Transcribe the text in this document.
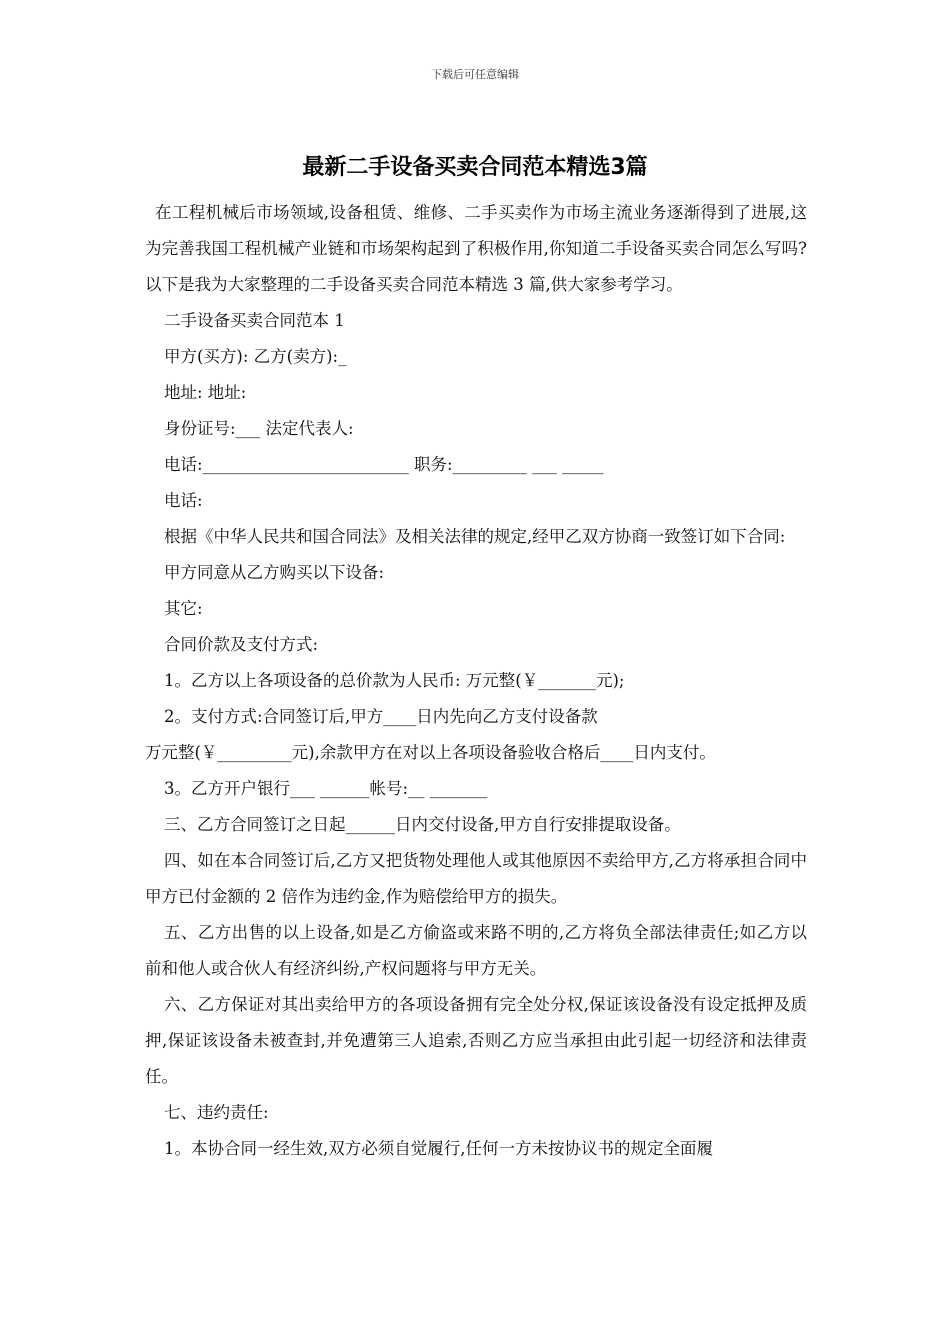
下载后可任意编辑
最新二手设备买卖合同范本精选3篇

在工程机械后市场领域,设备租赁、维修、二手买卖作为市场主流业务逐渐得到了进展,这为完善我国工程机械产业链和市场架构起到了积极作用,你知道二手设备买卖合同怎么写吗?以下是我为大家整理的二手设备买卖合同范本精选 3 篇,供大家参考学习。

二手设备买卖合同范本 1

甲方(买方): 乙方(卖方):_

地址: 地址:

身份证号:___ 法定代表人:

电话:_________________________ 职务:_________ ___ _____

电话:

根据《中华人民共和国合同法》及相关法律的规定,经甲乙双方协商一致签订如下合同:

甲方同意从乙方购买以下设备:

其它:

合同价款及支付方式:

1。乙方以上各项设备的总价款为人民币: 万元整(￥_______元);

2。支付方式:合同签订后,甲方____日内先向乙方支付设备款

万元整(￥_________元),余款甲方在对以上各项设备验收合格后____日内支付。

3。乙方开户银行___ ______帐号:__ _______

三、乙方合同签订之日起______日内交付设备,甲方自行安排提取设备。

四、如在本合同签订后,乙方又把货物处理他人或其他原因不卖给甲方,乙方将承担合同中甲方已付金额的 2 倍作为违约金,作为赔偿给甲方的损失。

五、乙方出售的以上设备,如是乙方偷盗或来路不明的,乙方将负全部法律责任;如乙方以前和他人或合伙人有经济纠纷,产权问题将与甲方无关。

六、乙方保证对其出卖给甲方的各项设备拥有完全处分权,保证该设备没有设定抵押及质押,保证该设备未被查封,并免遭第三人追索,否则乙方应当承担由此引起一切经济和法律责任。

七、违约责任:

1。本协合同一经生效,双方必须自觉履行,任何一方未按协议书的规定全面履
